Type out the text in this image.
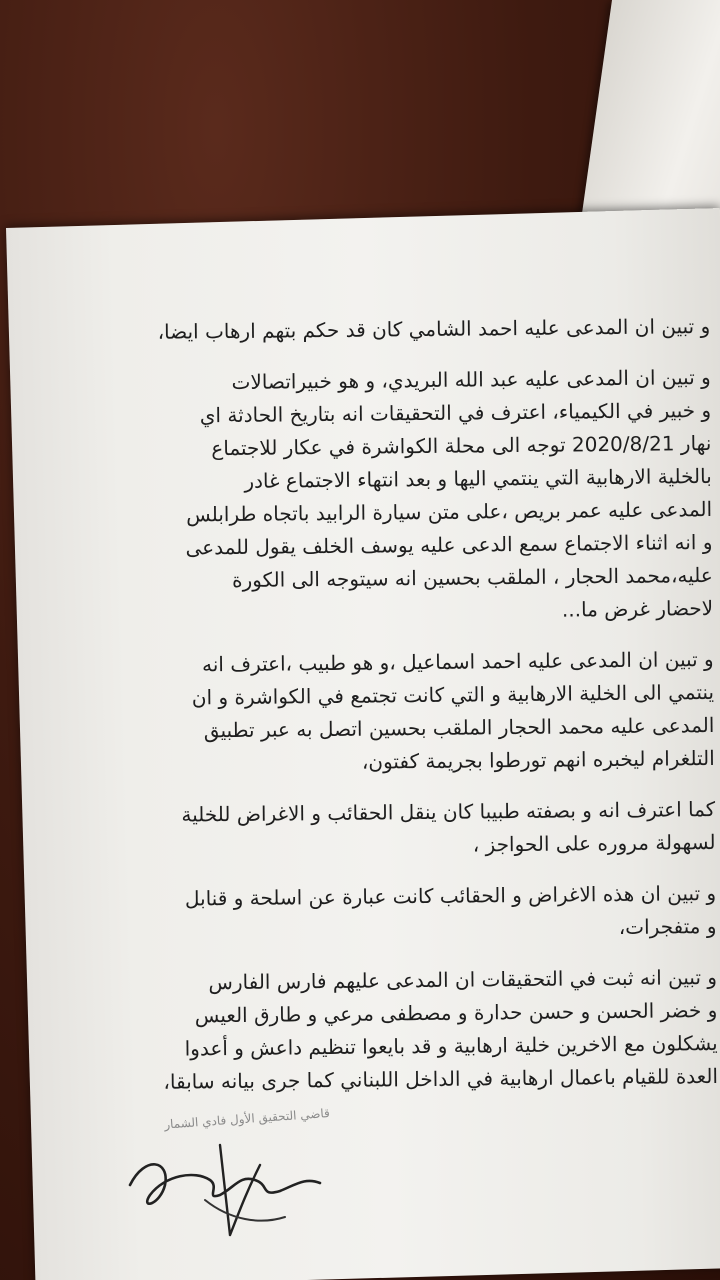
و تبين ان المدعى عليه احمد الشامي كان قد حكم بتهم ارهاب ايضا،
و تبين ان المدعى عليه عبد الله البريدي، و هو خبيراتصالات
و خبير في الكيمياء، اعترف في التحقيقات انه بتاريخ الحادثة اي
نهار 2020/8/21 توجه الى محلة الكواشرة في عكار للاجتماع
بالخلية الارهابية التي ينتمي اليها و بعد انتهاء الاجتماع غادر
المدعى عليه عمر بريص ،على متن سيارة الرابيد باتجاه طرابلس
و انه اثناء الاجتماع سمع الدعى عليه يوسف الخلف يقول للمدعى
عليه،محمد الحجار ، الملقب بحسين انه سيتوجه الى الكورة
لاحضار غرض ما...
و تبين ان المدعى عليه احمد اسماعيل ،و هو طبيب ،اعترف انه
ينتمي الى الخلية الارهابية و التي كانت تجتمع في الكواشرة و ان
المدعى عليه محمد الحجار الملقب بحسين اتصل به عبر تطبيق
التلغرام ليخبره انهم تورطوا بجريمة كفتون،
كما اعترف انه و بصفته طبيبا كان ينقل الحقائب و الاغراض للخلية
لسهولة مروره على الحواجز ،
و تبين ان هذه الاغراض و الحقائب كانت عبارة عن اسلحة و قنابل
و متفجرات،
و تبين انه ثبت في التحقيقات ان المدعى عليهم فارس الفارس
و خضر الحسن و حسن حدارة و مصطفى مرعي و طارق العيس
يشكلون مع الاخرين خلية ارهابية و قد بايعوا تنظيم داعش و أعدوا
العدة للقيام باعمال ارهابية في الداخل اللبناني كما جرى بيانه سابقا،
قاضي التحقيق الأول فادي الشمار
